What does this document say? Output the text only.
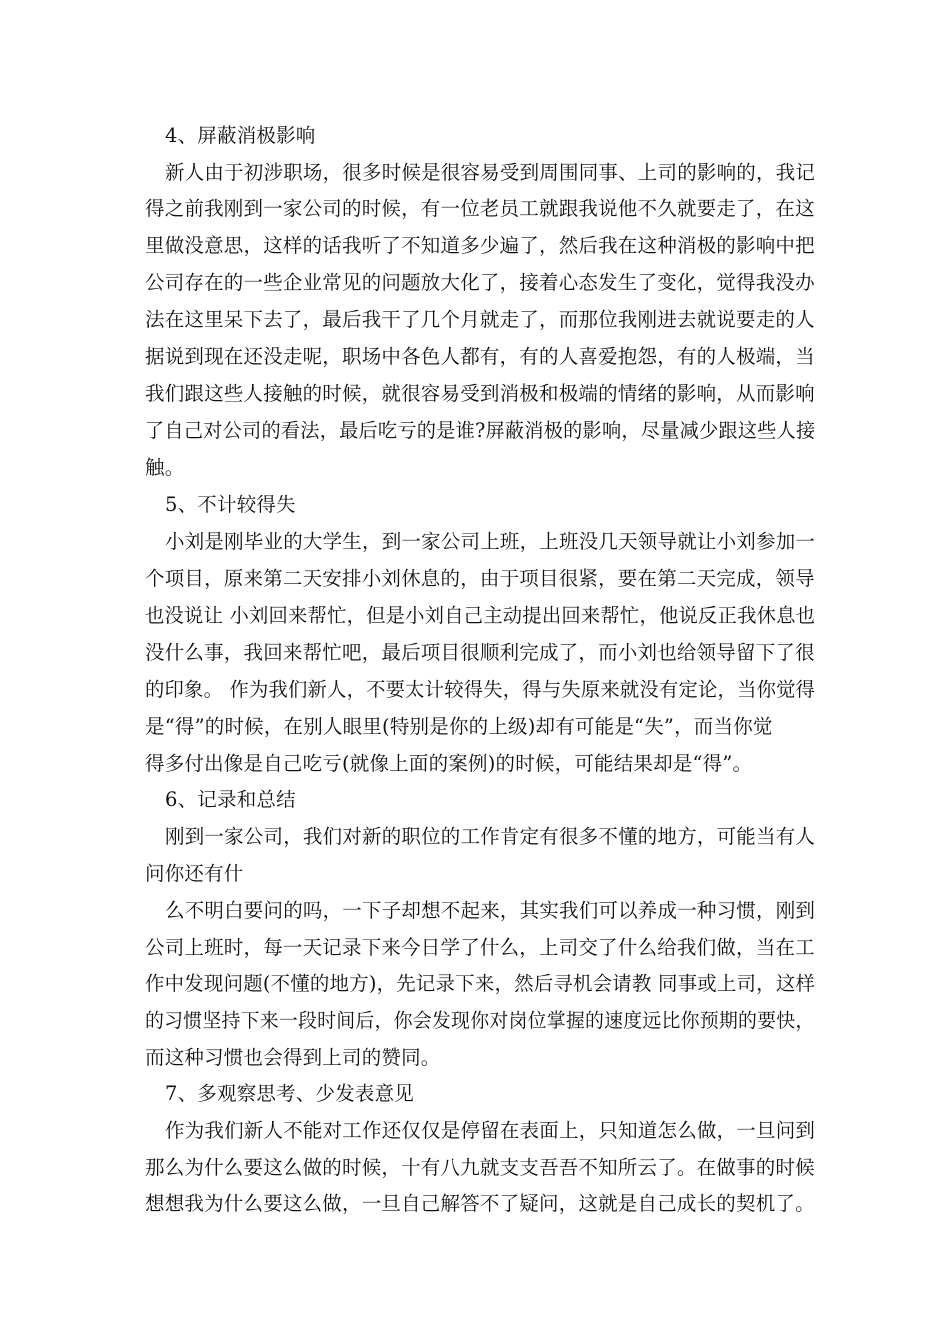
4、屏蔽消极影响
新人由于初涉职场，很多时候是很容易受到周围同事、上司的影响的，我记
得之前我刚到一家公司的时候，有一位老员工就跟我说他不久就要走了，在这
里做没意思，这样的话我听了不知道多少遍了，然后我在这种消极的影响中把
公司存在的一些企业常见的问题放大化了，接着心态发生了变化，觉得我没办
法在这里呆下去了，最后我干了几个月就走了，而那位我刚进去就说要走的人
据说到现在还没走呢，职场中各色人都有，有的人喜爱抱怨，有的人极端，当
我们跟这些人接触的时候，就很容易受到消极和极端的情绪的影响，从而影响
了自己对公司的看法，最后吃亏的是谁?屏蔽消极的影响，尽量减少跟这些人接
触。
5、不计较得失
小刘是刚毕业的大学生，到一家公司上班，上班没几天领导就让小刘参加一
个项目，原来第二天安排小刘休息的，由于项目很紧，要在第二天完成，领导
也没说让 小刘回来帮忙，但是小刘自己主动提出回来帮忙，他说反正我休息也
没什么事，我回来帮忙吧，最后项目很顺利完成了，而小刘也给领导留下了很
的印象。 作为我们新人，不要太计较得失，得与失原来就没有定论，当你觉得
是“得”的时候，在别人眼里(特别是你的上级)却有可能是“失”，而当你觉
得多付出像是自己吃亏(就像上面的案例)的时候，可能结果却是“得”。
6、记录和总结
刚到一家公司，我们对新的职位的工作肯定有很多不懂的地方，可能当有人
问你还有什
么不明白要问的吗，一下子却想不起来，其实我们可以养成一种习惯，刚到
公司上班时，每一天记录下来今日学了什么，上司交了什么给我们做，当在工
作中发现问题(不懂的地方)，先记录下来，然后寻机会请教 同事或上司，这样
的习惯坚持下来一段时间后，你会发现你对岗位掌握的速度远比你预期的要快，
而这种习惯也会得到上司的赞同。
7、多观察思考、少发表意见
作为我们新人不能对工作还仅仅是停留在表面上，只知道怎么做，一旦问到
那么为什么要这么做的时候，十有八九就支支吾吾不知所云了。在做事的时候
想想我为什么要这么做，一旦自己解答不了疑问，这就是自己成长的契机了。
